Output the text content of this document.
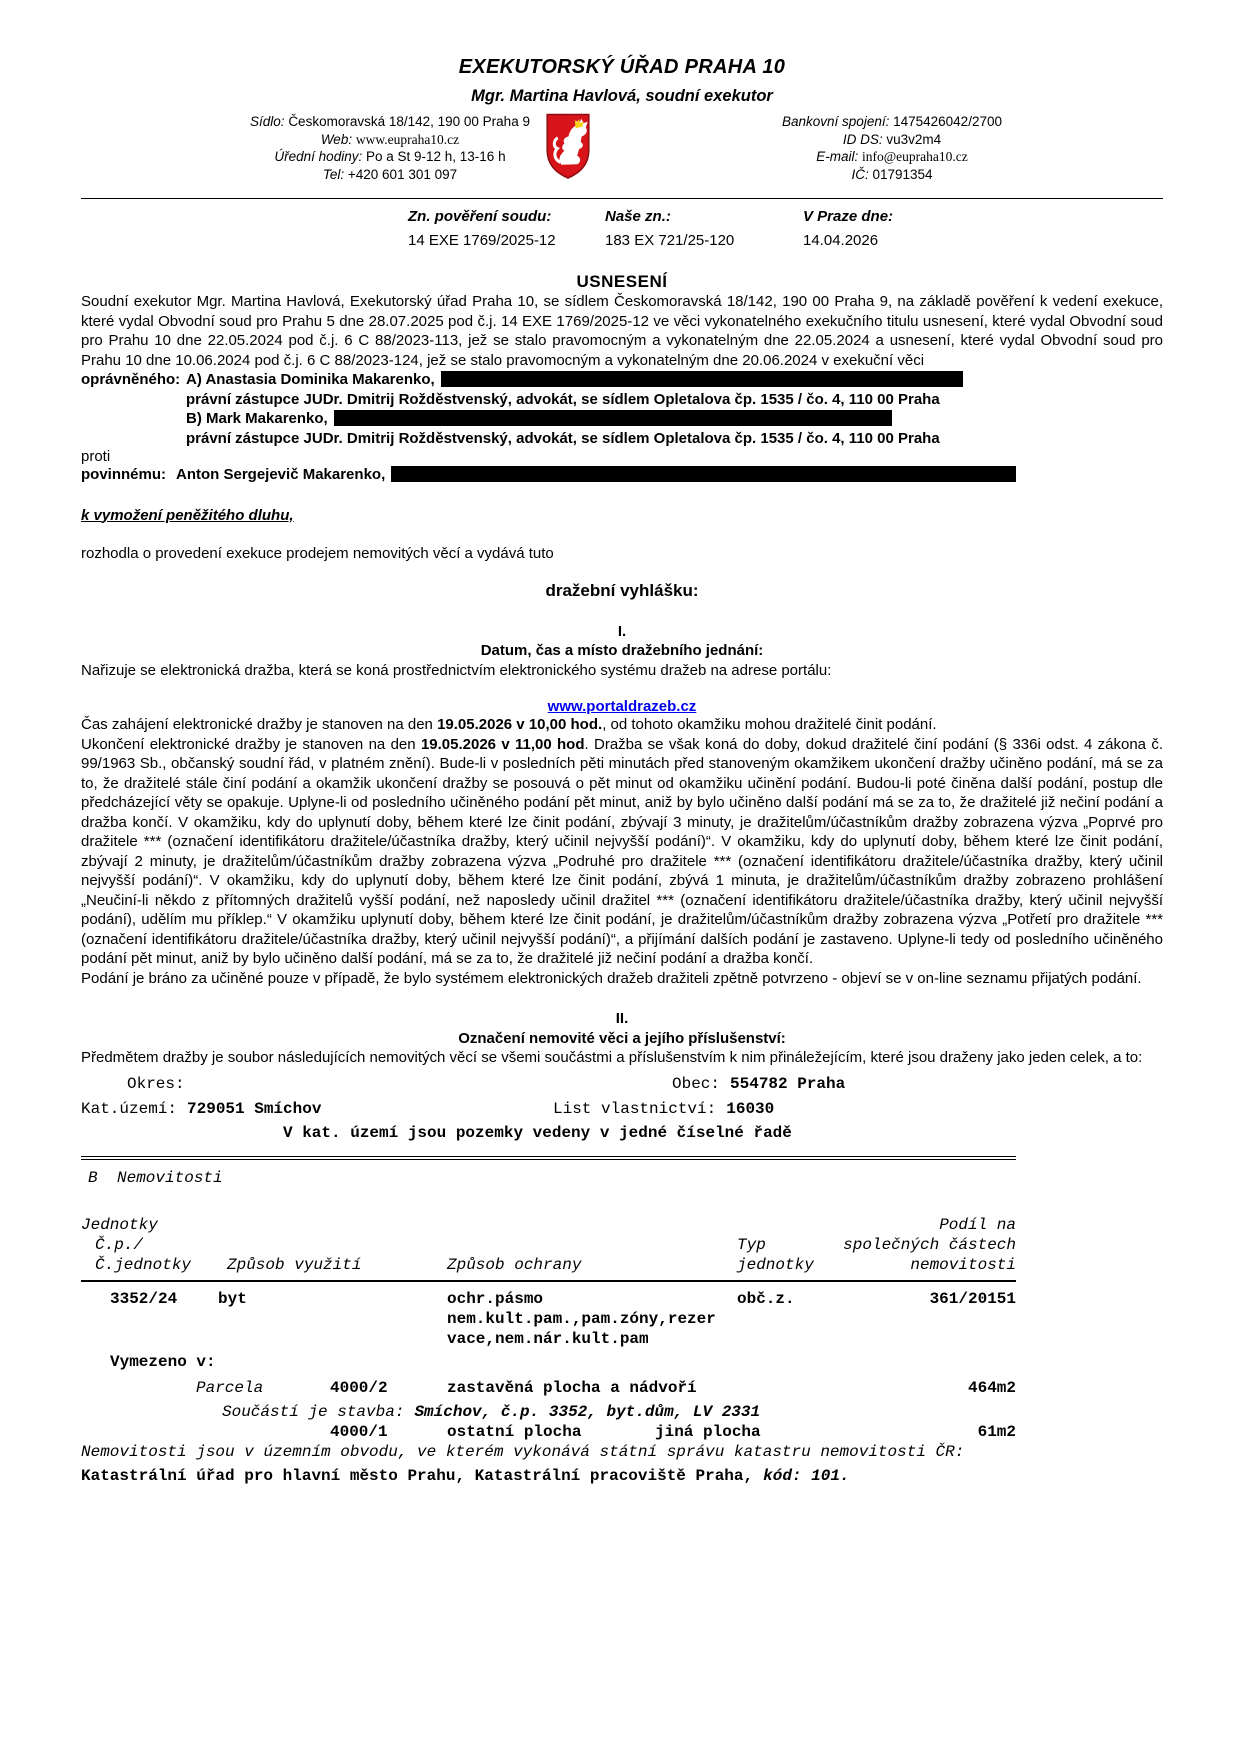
EXEKUTORSKÝ ÚŘAD PRAHA 10
Mgr. Martina Havlová, soudní exekutor
Sídlo: Českomoravská 18/142, 190 00 Praha 9
Web: www.eupraha10.cz
Úřední hodiny: Po a St 9-12 h, 13-16 h
Tel: +420 601 301 097
Bankovní spojení: 1475426042/2700
ID DS: vu3v2m4
E-mail: info@eupraha10.cz
IČ: 01791354
Zn. pověření soudu:
14 EXE 1769/2025-12
Naše zn.:
183 EX 721/25-120
V Praze dne:
14.04.2026
USNESENÍ

Soudní exekutor Mgr. Martina Havlová, Exekutorský úřad Praha 10, se sídlem Českomoravská 18/142, 190 00 Praha 9, na základě pověření k vedení exekuce, které vydal Obvodní soud pro Prahu 5 dne 28.07.2025 pod č.j. 14 EXE 1769/2025-12 ve věci vykonatelného exekučního titulu usnesení, které vydal Obvodní soud pro Prahu 10 dne 22.05.2024 pod č.j. 6 C 88/2023-113, jež se stalo pravomocným a vykonatelným dne 22.05.2024 a usnesení, které vydal Obvodní soud pro Prahu 10 dne 10.06.2024 pod č.j. 6 C 88/2023-124, jež se stalo pravomocným a vykonatelným dne 20.06.2024 v exekuční věci

oprávněného: A) Anastasia Dominika Makarenko,
právní zástupce JUDr. Dmitrij Rožděstvenský, advokát, se sídlem Opletalova čp. 1535 / čo. 4, 110 00 Praha
B) Mark Makarenko,
právní zástupce JUDr. Dmitrij Rožděstvenský, advokát, se sídlem Opletalova čp. 1535 / čo. 4, 110 00 Praha
proti
povinnému: Anton Sergejevič Makarenko,
k vymožení peněžitého dluhu,
rozhodla o provedení exekuce prodejem nemovitých věcí a vydává tuto
dražební vyhlášku:
I.
Datum, čas a místo dražebního jednání:

Nařizuje se elektronická dražba, která se koná prostřednictvím elektronického systému dražeb na adrese portálu:

www.portaldrazeb.cz

Čas zahájení elektronické dražby je stanoven na den 19.05.2026 v 10,00 hod., od tohoto okamžiku mohou dražitelé činit podání.
Ukončení elektronické dražby je stanoven na den 19.05.2026 v 11,00 hod. Dražba se však koná do doby, dokud dražitelé činí podání (§ 336i odst. 4 zákona č. 99/1963 Sb., občanský soudní řád, v platném znění). Bude-li v posledních pěti minutách před stanoveným okamžikem ukončení dražby učiněno podání, má se za to, že dražitelé stále činí podání a okamžik ukončení dražby se posouvá o pět minut od okamžiku učinění podání. Budou-li poté činěna další podání, postup dle předcházející věty se opakuje. Uplyne-li od posledního učiněného podání pět minut, aniž by bylo učiněno další podání má se za to, že dražitelé již nečiní podání a dražba končí. V okamžiku, kdy do uplynutí doby, během které lze činit podání, zbývají 3 minuty, je dražitelům/účastníkům dražby zobrazena výzva „Poprvé pro dražitele *** (označení identifikátoru dražitele/účastníka dražby, který učinil nejvyšší podání)“. V okamžiku, kdy do uplynutí doby, během které lze činit podání, zbývají 2 minuty, je dražitelům/účastníkům dražby zobrazena výzva „Podruhé pro dražitele *** (označení identifikátoru dražitele/účastníka dražby, který učinil nejvyšší podání)“. V okamžiku, kdy do uplynutí doby, během které lze činit podání, zbývá 1 minuta, je dražitelům/účastníkům dražby zobrazeno prohlášení „Neučiní-li někdo z přítomných dražitelů vyšší podání, než naposledy učinil dražitel *** (označení identifikátoru dražitele/účastníka dražby, který učinil nejvyšší podání), udělím mu příklep.“ V okamžiku uplynutí doby, během které lze činit podání, je dražitelům/účastníkům dražby zobrazena výzva „Potřetí pro dražitele *** (označení identifikátoru dražitele/účastníka dražby, který učinil nejvyšší podání)“, a přijímání dalších podání je zastaveno. Uplyne-li tedy od posledního učiněného podání pět minut, aniž by bylo učiněno další podání, má se za to, že dražitelé již nečiní podání a dražba končí.

Podání je bráno za učiněné pouze v případě, že bylo systémem elektronických dražeb dražiteli zpětně potvrzeno - objeví se v on-line seznamu přijatých podání.

II.
Označení nemovité věci a jejího příslušenství:

Předmětem dražby je soubor následujících nemovitých věcí se všemi součástmi a příslušenstvím k nim přináležejícím, které jsou draženy jako jeden celek, a to:

Okres:	Obec: 554782 Praha
Kat.území: 729051 Smíchov	List vlastnictví: 16030
V kat. území jsou pozemky vedeny v jedné číselné řadě
B Nemovitosti
Jednotky	Podíl na
Č.p./	Typ	společných částech
Č.jednotky Způsob využití	Způsob ochrany	jednotky	nemovitosti
3352/24	byt	ochr.pásmo	obč.z.	361/20151
nem.kult.pam.,pam.zóny,rezer
vace,nem.nár.kult.pam
Vymezeno v:
Parcela	4000/2	zastavěná plocha a nádvoří	464m2
Součástí je stavba: Smíchov, č.p. 3352, byt.dům, LV 2331
4000/1	ostatní plocha	jiná plocha	61m2
Nemovitosti jsou v územním obvodu, ve kterém vykonává státní správu katastru nemovitosti ČR:
Katastrální úřad pro hlavní město Prahu, Katastrální pracoviště Praha, kód: 101.
